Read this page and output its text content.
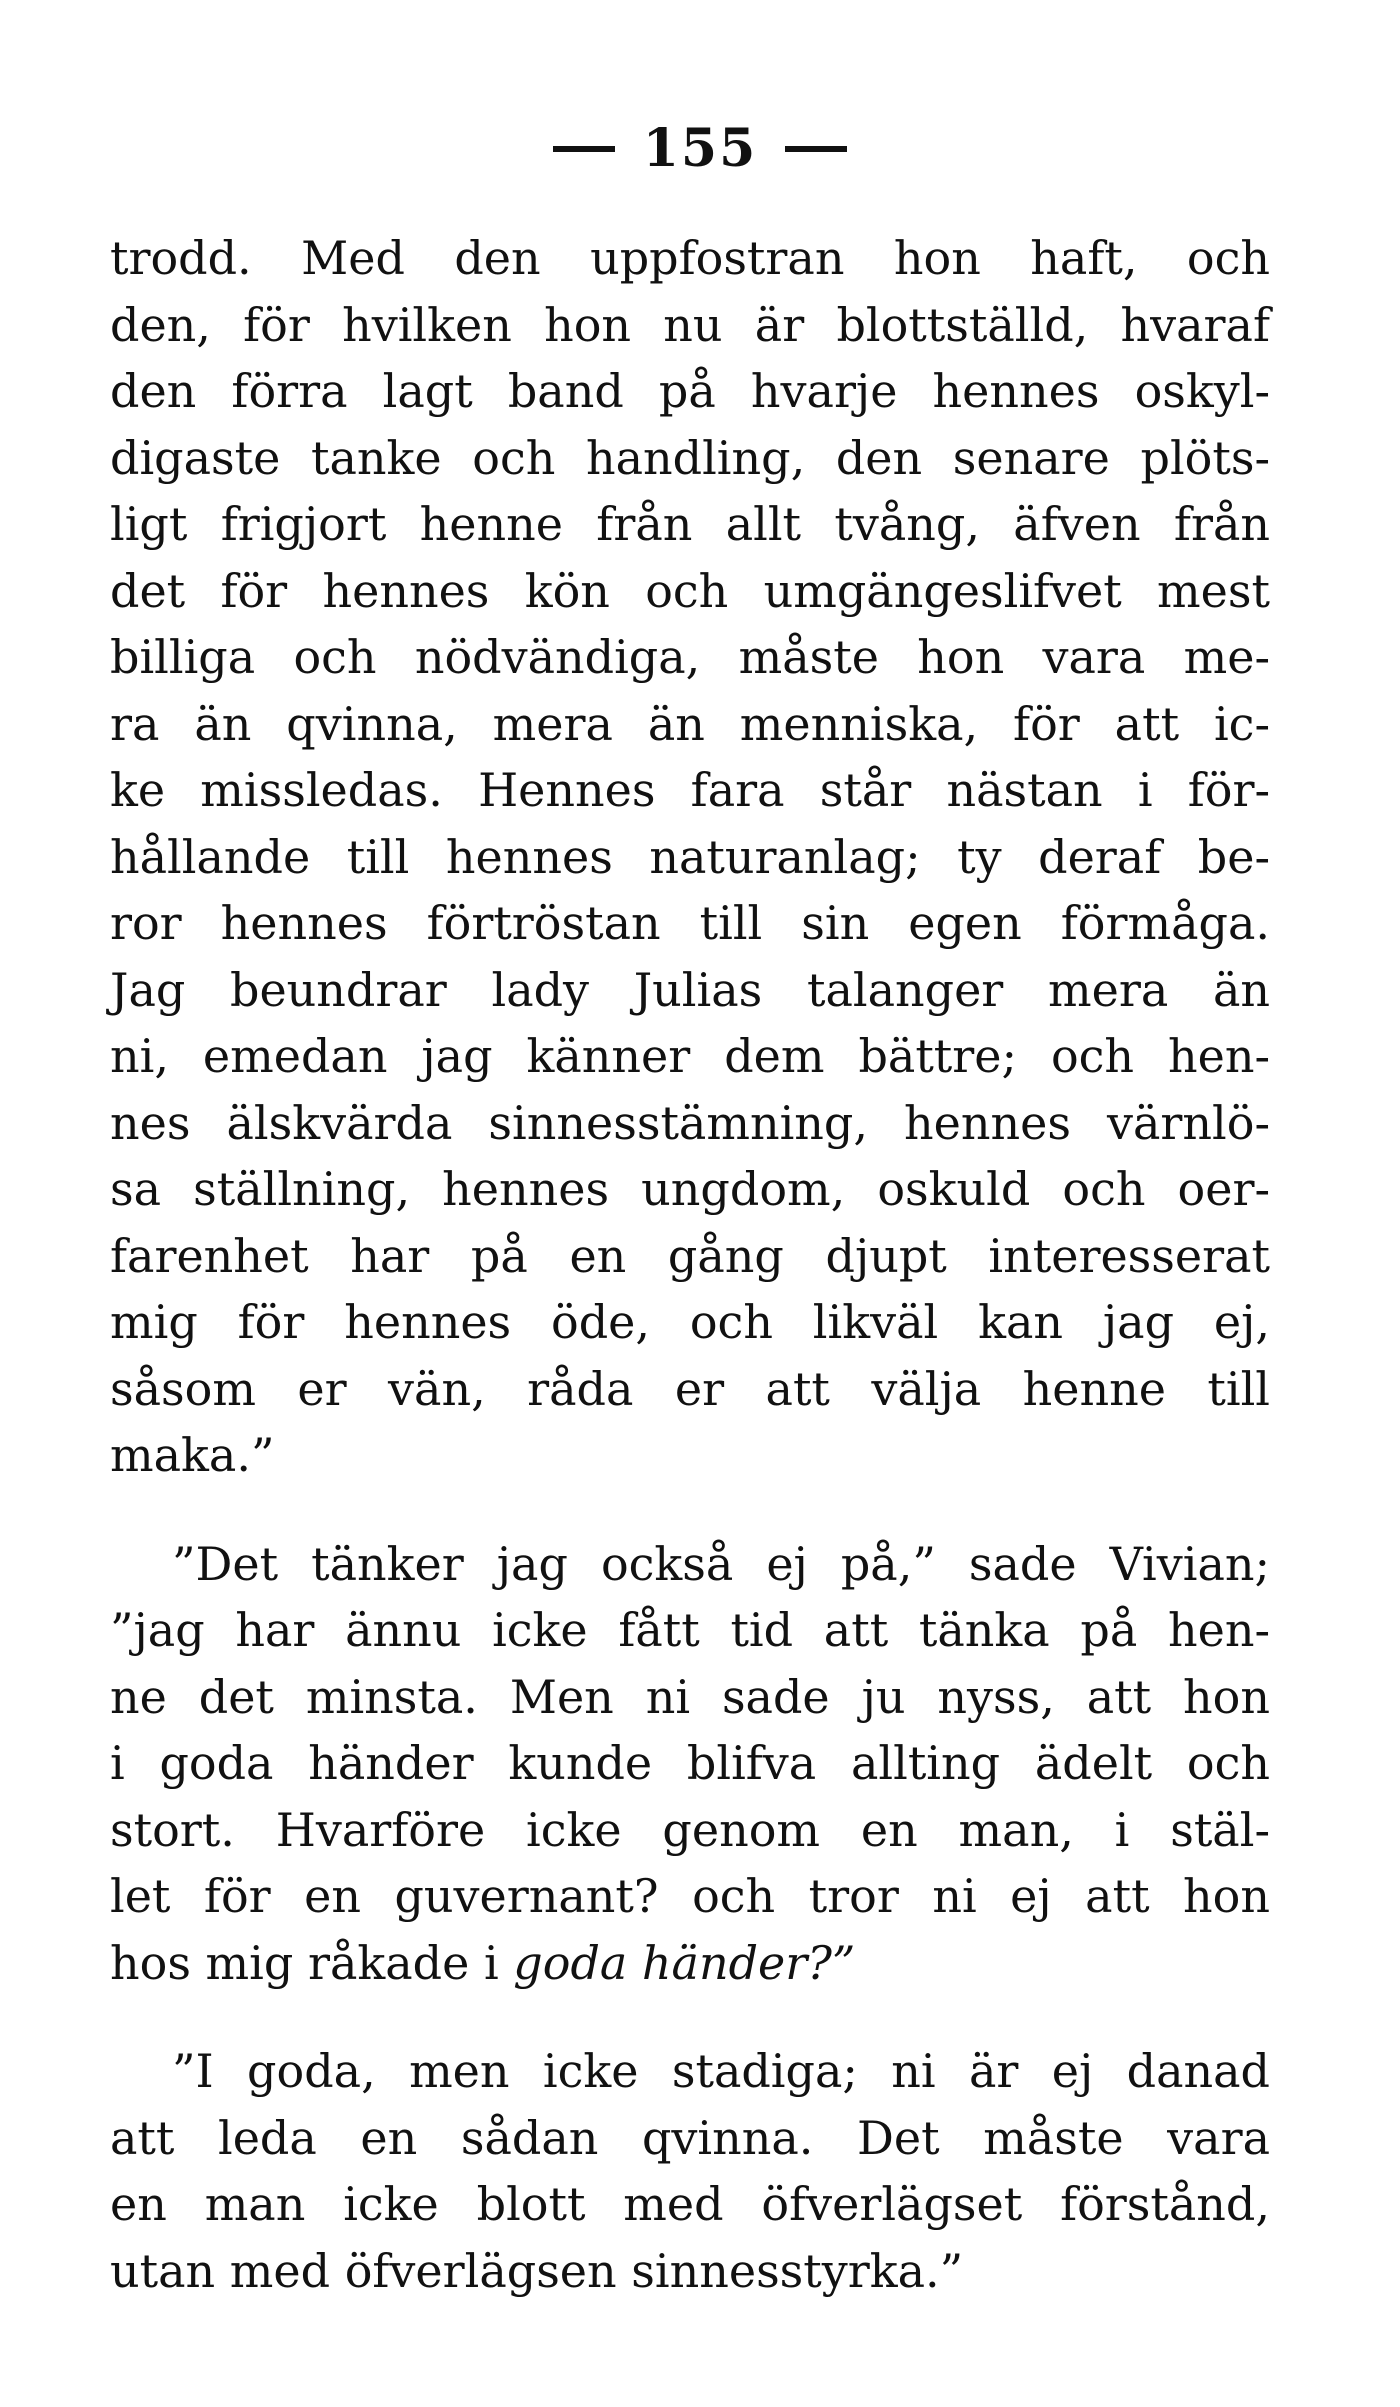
155

trodd. Med den uppfostran hon haft, och
den, för hvilken hon nu är blottställd, hvaraf
den förra lagt band på hvarje hennes oskyl-
digaste tanke och handling, den senare plöts-
ligt frigjort henne från allt tvång, äfven från
det för hennes kön och umgängeslifvet mest
billiga och nödvändiga, måste hon vara me-
ra än qvinna, mera än menniska, för att ic-
ke missledas. Hennes fara står nästan i för-
hållande till hennes naturanlag; ty deraf be-
ror hennes förtröstan till sin egen förmåga.
Jag beundrar lady Julias talanger mera än
ni, emedan jag känner dem bättre; och hen-
nes älskvärda sinnesstämning, hennes värnlö-
sa ställning, hennes ungdom, oskuld och oer-
farenhet har på en gång djupt interesserat
mig för hennes öde, och likväl kan jag ej,
såsom er vän, råda er att välja henne till
maka.”

”Det tänker jag också ej på,” sade Vivian;
”jag har ännu icke fått tid att tänka på hen-
ne det minsta. Men ni sade ju nyss, att hon
i goda händer kunde blifva allting ädelt och
stort. Hvarföre icke genom en man, i stäl-
let för en guvernant? och tror ni ej att hon
hos mig råkade i goda händer?”

”I goda, men icke stadiga; ni är ej danad
att leda en sådan qvinna. Det måste vara
en man icke blott med öfverlägset förstånd,
utan med öfverlägsen sinnesstyrka.”
